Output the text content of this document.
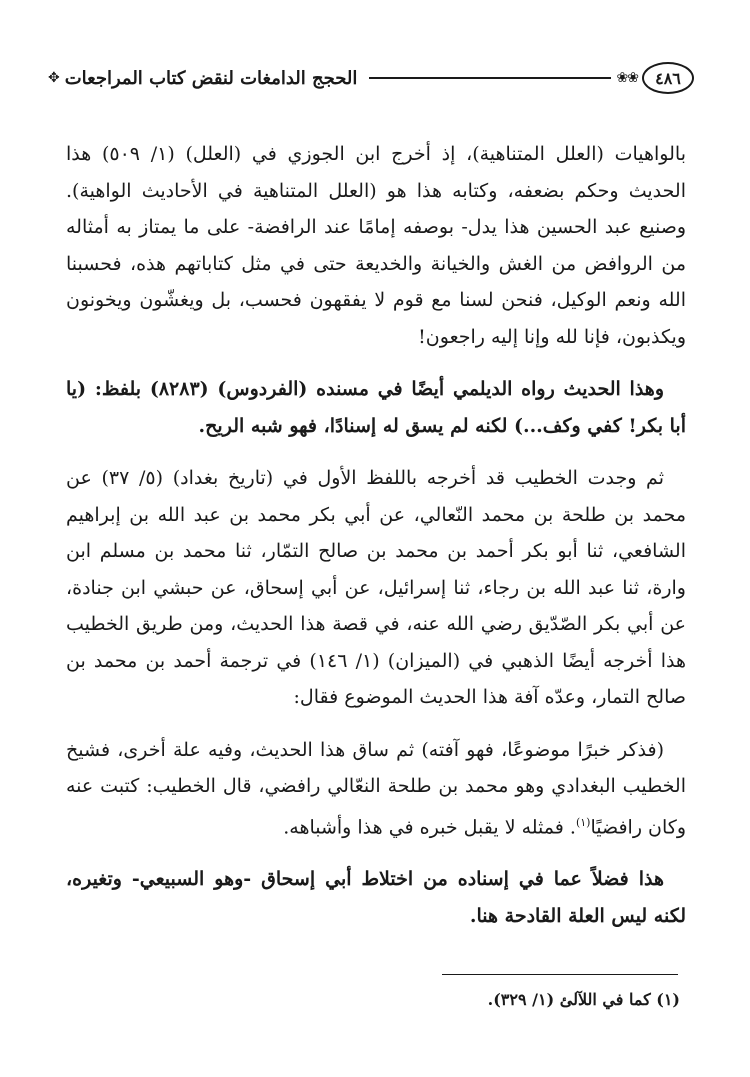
٤٨٦
❀❀
الحجج الدامغات لنقض كتاب المراجعات
✥

بالواهيات (العلل المتناهية)، إذ أخرج ابن الجوزي في (العلل) (١/ ٥٠٩) هذا الحديث وحكم بضعفه، وكتابه هذا هو (العلل المتناهية في الأحاديث الواهية). وصنيع عبد الحسين هذا يدل- بوصفه إمامًا عند الرافضة- على ما يمتاز به أمثاله من الروافض من الغش والخيانة والخديعة حتى في مثل كتاباتهم هذه، فحسبنا الله ونعم الوكيل، فنحن لسنا مع قوم لا يفقهون فحسب، بل ويغشّون ويخونون ويكذبون، فإنا لله وإنا إليه راجعون!

وهذا الحديث رواه الديلمي أيضًا في مسنده (الفردوس) (٨٢٨٣) بلفظ: (يا أبا بكر! كفي وكف...) لكنه لم يسق له إسنادًا، فهو شبه الريح.

ثم وجدت الخطيب قد أخرجه باللفظ الأول في (تاريخ بغداد) (٥/ ٣٧) عن محمد بن طلحة بن محمد النّعالي، عن أبي بكر محمد بن عبد الله بن إبراهيم الشافعي، ثنا أبو بكر أحمد بن محمد بن صالح التمّار، ثنا محمد بن مسلم ابن وارة، ثنا عبد الله بن رجاء، ثنا إسرائيل، عن أبي إسحاق، عن حبشي ابن جنادة، عن أبي بكر الصّدّيق رضي الله عنه، في قصة هذا الحديث، ومن طريق الخطيب هذا أخرجه أيضًا الذهبي في (الميزان) (١/ ١٤٦) في ترجمة أحمد بن محمد بن صالح التمار، وعدّه آفة هذا الحديث الموضوع فقال:

(فذكر خبرًا موضوعًا، فهو آفته) ثم ساق هذا الحديث، وفيه علة أخرى، فشيخ الخطيب البغدادي وهو محمد بن طلحة النعّالي رافضي، قال الخطيب: كتبت عنه وكان رافضيًا$^{(١)}$. فمثله لا يقبل خبره في هذا وأشباهه.

هذا فضلاً عما في إسناده من اختلاط أبي إسحاق -وهو السبيعي- وتغيره، لكنه ليس العلة القادحة هنا.

(١) كما في اللآلئ (١/ ٣٢٩).
